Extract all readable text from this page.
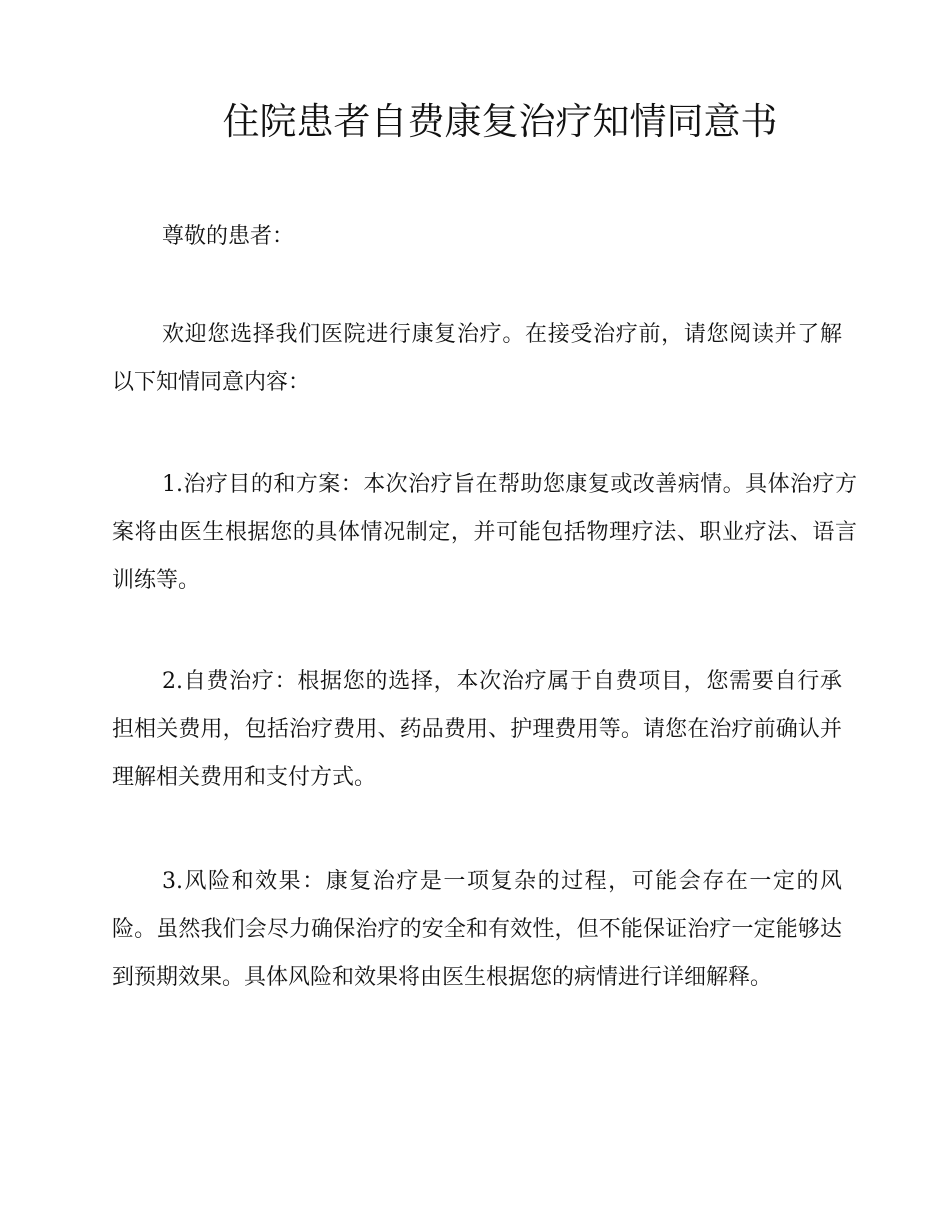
住院患者自费康复治疗知情同意书

尊敬的患者：

欢迎您选择我们医院进行康复治疗。在接受治疗前，请您阅读并了解以下知情同意内容：

1.治疗目的和方案：本次治疗旨在帮助您康复或改善病情。具体治疗方案将由医生根据您的具体情况制定，并可能包括物理疗法、职业疗法、语言训练等。

2.自费治疗：根据您的选择，本次治疗属于自费项目，您需要自行承担相关费用，包括治疗费用、药品费用、护理费用等。请您在治疗前确认并理解相关费用和支付方式。

3.风险和效果：康复治疗是一项复杂的过程，可能会存在一定的风险。虽然我们会尽力确保治疗的安全和有效性，但不能保证治疗一定能够达到预期效果。具体风险和效果将由医生根据您的病情进行详细解释。
